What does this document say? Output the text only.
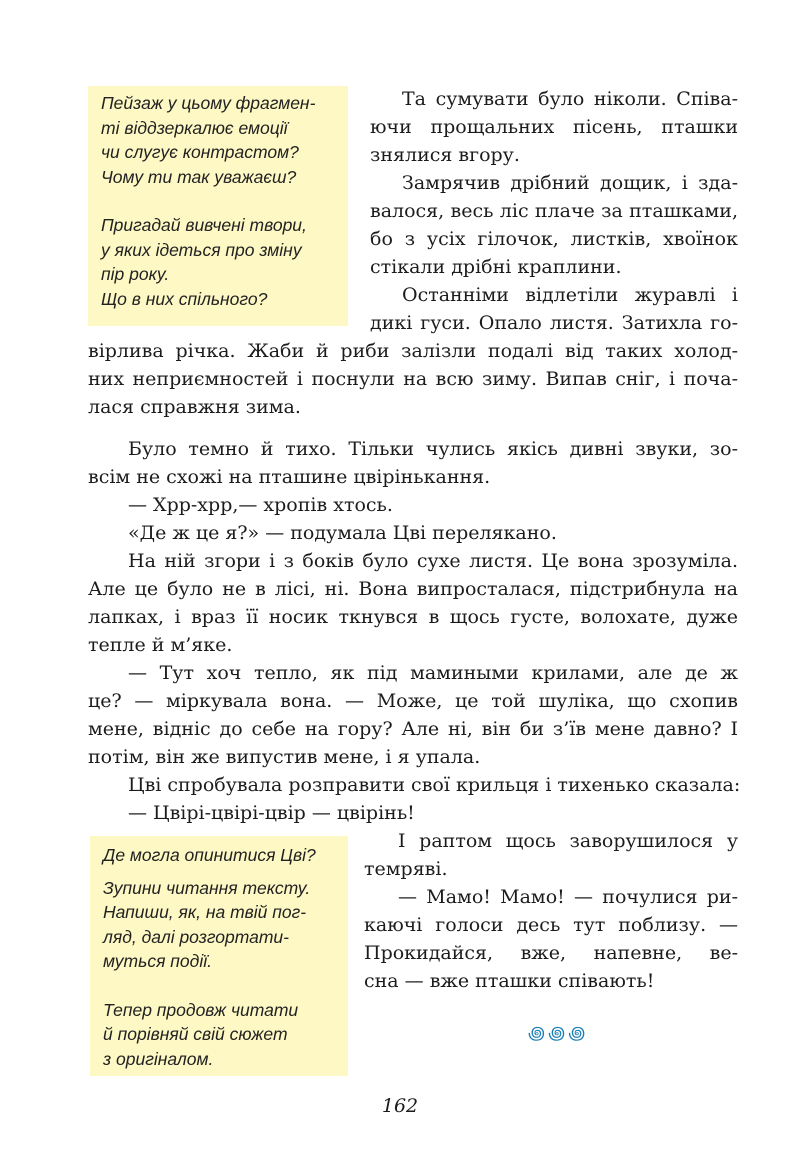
Пейзаж у цьому фрагмен-

ті віддзеркалює емоції

чи слугує контрастом?

Чому ти так уважаєш?

Пригадай вивчені твори,

у яких ідеться про зміну

пір року.

Що в них спільного?

Де могла опинитися Цві?

Зупини читання тексту.

Напиши, як, на твій пог-

ляд, далі розгортати-

муться події.

Тепер продовж читати

й порівняй свій сюжет

з оригіналом.

Та сумувати було ніколи. Співа-

ючи прощальних пісень, пташки

знялися вгору.

Замрячив дрібний дощик, і зда-

валося, весь ліс плаче за пташками,

бо з усіх гілочок, листків, хвоїнок

стікали дрібні краплини.

Останніми відлетіли журавлі і

дикі гуси. Опало листя. Затихла го-

вірлива річка. Жаби й риби залізли подалі від таких холод-

них неприємностей і поснули на всю зиму. Випав сніг, і поча-

лася справжня зима.

Було темно й тихо. Тільки чулись якісь дивні звуки, зо-

всім не схожі на пташине цвірінькання.

— Хрр-хрр,— хропів хтось.

«Де ж це я?» — подумала Цві перелякано.

На ній згори і з боків було сухе листя. Це вона зрозуміла.

Але це було не в лісі, ні. Вона випросталася, підстрибнула на

лапках, і враз її носик ткнувся в щось густе, волохате, дуже

тепле й м’яке.

— Тут хоч тепло, як під мамиными крилами, але де ж

це? — міркувала вона. — Може, це той шуліка, що схопив

мене, відніс до себе на гору? Але ні, він би з’їв мене давно? І

потім, він же випустив мене, і я упала.

Цві спробувала розправити свої крильця і тихенько сказала:

— Цвірі-цвірі-цвір — цвірінь!

І раптом щось заворушилося у

темряві.

— Мамо! Мамо! — почулися ри-

каючі голоси десь тут поблизу. —

Прокидайся, вже, напевне, ве-

сна — вже пташки співають!

꩜꩜꩜
162
